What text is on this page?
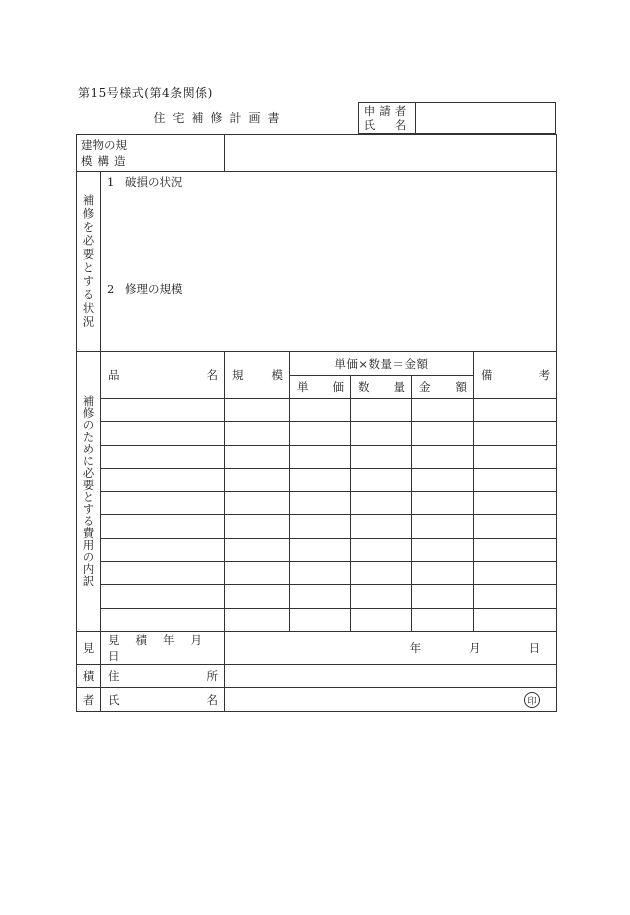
第15号様式(第4条関係)
住宅補修計画書	申請者
氏　名
建物の規
模構造						

補修を必要とする状況	1 破損の状況
2 修理の規模					

補修のために必要とする費用の内訳	品 名	規 模	単価×数量＝金額			備 考

			単 価	数 量	金 額	

見	見積年月日	年 月 日				

積	住 所					

者	氏 名	印				
